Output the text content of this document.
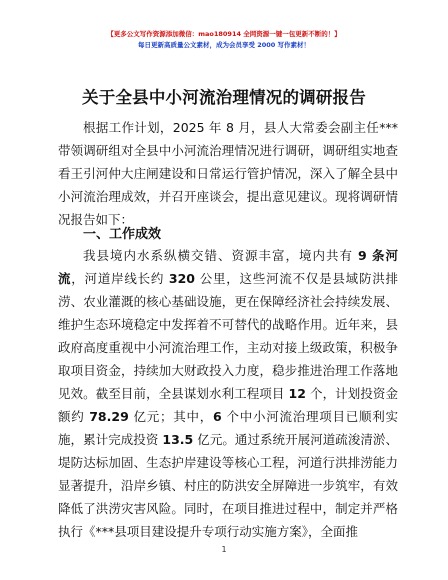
【更多公文写作资源添加微信：mao180914 全网资源一键一包更新不断的！】
每日更新高质量公文素材，成为会员享受 2000 写作素材！
关于全县中小河流治理情况的调研报告
根据工作计划，2025 年 8 月，县人大常委会副主任***带领调研组对全县中小河流治理情况进行调研，调研组实地查看王引河仲大庄闸建设和日常运行管护情况，深入了解全县中小河流治理成效，并召开座谈会，提出意见建议。现将调研情况报告如下：
一、工作成效
我县境内水系纵横交错、资源丰富，境内共有 9 条河流，河道岸线长约 320 公里，这些河流不仅是县域防洪排涝、农业灌溉的核心基础设施，更在保障经济社会持续发展、维护生态环境稳定中发挥着不可替代的战略作用。近年来，县政府高度重视中小河流治理工作，主动对接上级政策，积极争取项目资金，持续加大财政投入力度，稳步推进治理工作落地见效。截至目前，全县谋划水利工程项目 12 个，计划投资金额约 78.29 亿元；其中，6 个中小河流治理项目已顺利实施，累计完成投资 13.5 亿元。通过系统开展河道疏浚清淤、堤防达标加固、生态护岸建设等核心工程，河道行洪排涝能力显著提升，沿岸乡镇、村庄的防洪安全屏障进一步筑牢，有效降低了洪涝灾害风险。同时，在项目推进过程中，制定并严格执行《***县项目建设提升专项行动实施方案》，全面推
1
